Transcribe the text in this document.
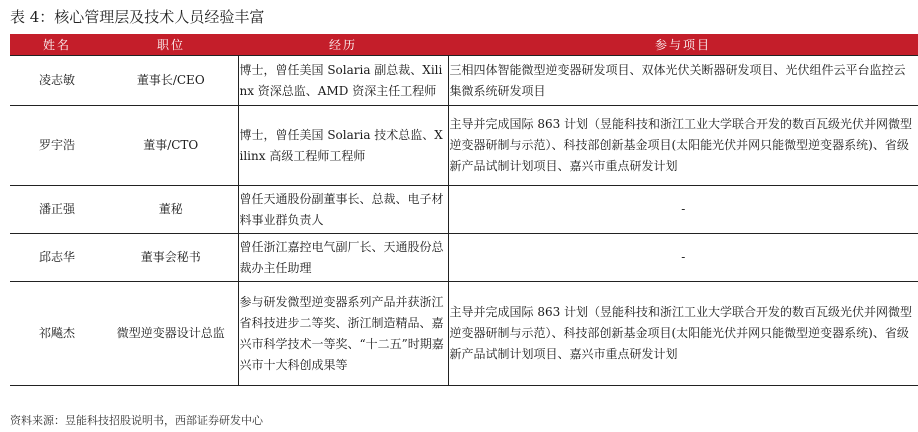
表 4：核心管理层及技术人员经验丰富
姓名	职位	经历	参与项目
凌志敏	董事长/CEO	博士，曾任美国 Solaria 副总裁、Xilinx 资深总监、AMD 资深主任工程师	三相四体智能微型逆变器研发项目、双体光伏关断器研发项目、光伏组件云平台监控云集微系统研发项目
罗宇浩	董事/CTO	博士，曾任美国 Solaria 技术总监、Xilinx 高级工程师工程师	主导并完成国际 863 计划（昱能科技和浙江工业大学联合开发的数百瓦级光伏并网微型逆变器研制与示范）、科技部创新基金项目(太阳能光伏并网只能微型逆变器系统)、省级新产品试制计划项目、嘉兴市重点研发计划
潘正强	董秘	曾任天通股份副董事长、总裁、电子材料事业群负责人	-
邱志华	董事会秘书	曾任浙江嘉控电气副厂长、天通股份总裁办主任助理	-
祁飚杰	微型逆变器设计总监	参与研发微型逆变器系列产品并获浙江省科技进步二等奖、浙江制造精品、嘉兴市科学技术一等奖、“十二五”时期嘉兴市十大科创成果等	主导并完成国际 863 计划（昱能科技和浙江工业大学联合开发的数百瓦级光伏并网微型逆变器研制与示范）、科技部创新基金项目(太阳能光伏并网只能微型逆变器系统)、省级新产品试制计划项目、嘉兴市重点研发计划
资料来源：昱能科技招股说明书，西部证券研发中心
